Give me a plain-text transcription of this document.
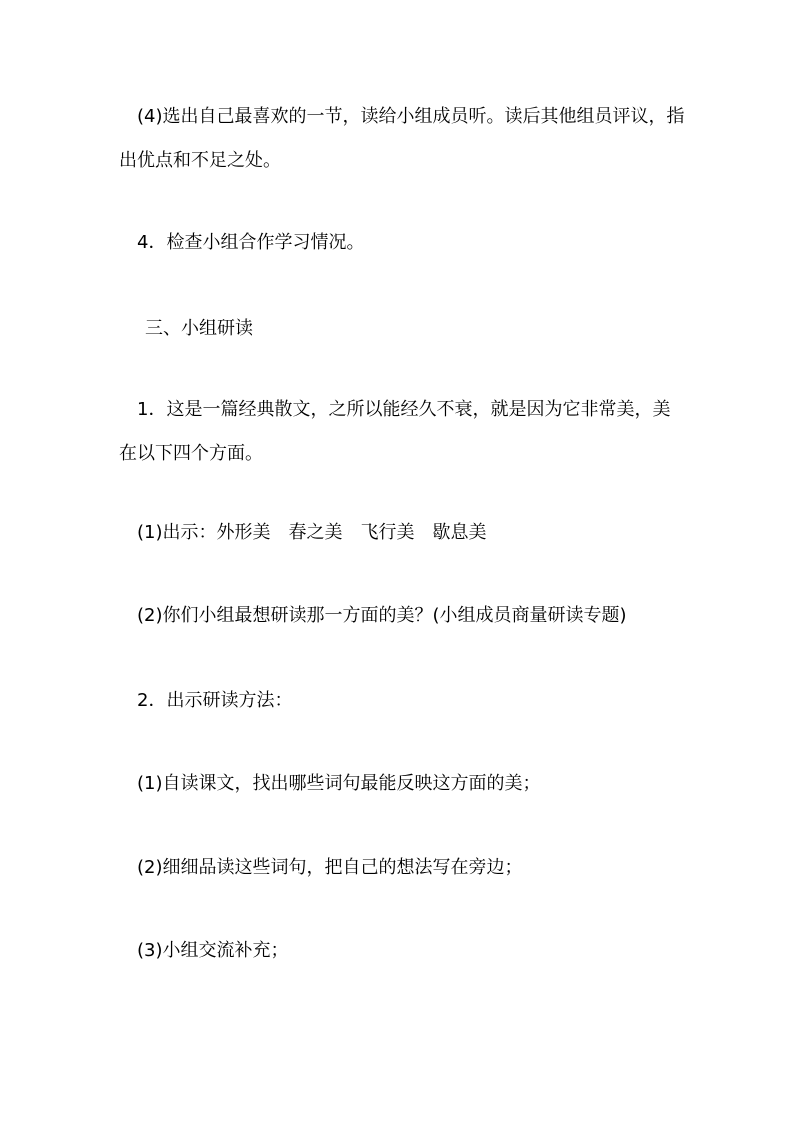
(4)选出自己最喜欢的一节，读给小组成员听。读后其他组员评议，指出优点和不足之处。

4．检查小组合作学习情况。

三、小组研读

1．这是一篇经典散文，之所以能经久不衰，就是因为它非常美，美在以下四个方面。

(1)出示：外形美　春之美　飞行美　歇息美

(2)你们小组最想研读那一方面的美？(小组成员商量研读专题)

2．出示研读方法：

(1)自读课文，找出哪些词句最能反映这方面的美；

(2)细细品读这些词句，把自己的想法写在旁边；

(3)小组交流补充；
